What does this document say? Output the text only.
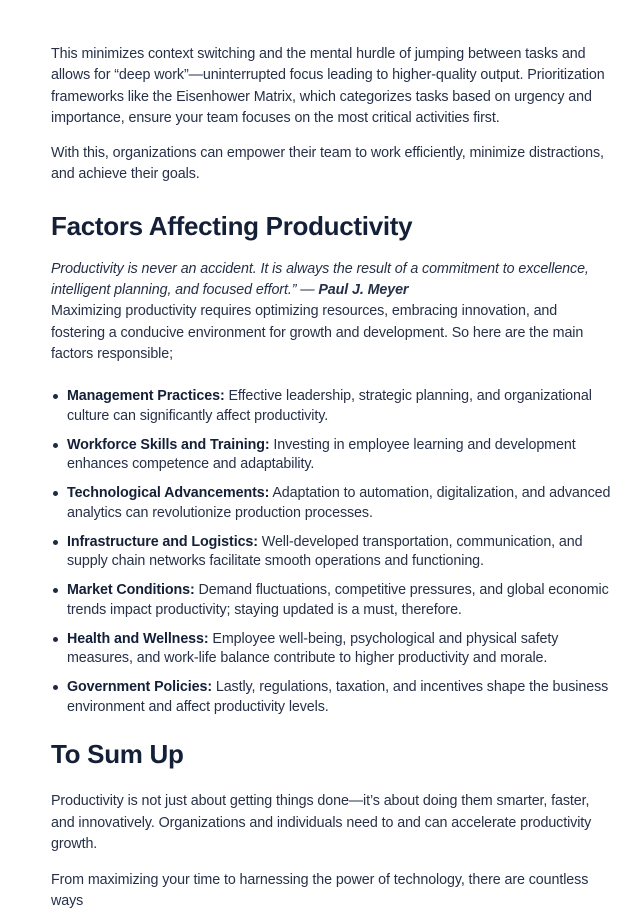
This minimizes context switching and the mental hurdle of jumping between tasks and allows for “deep work”—uninterrupted focus leading to higher-quality output. Prioritization frameworks like the Eisenhower Matrix, which categorizes tasks based on urgency and importance, ensure your team focuses on the most critical activities first.

With this, organizations can empower their team to work efficiently, minimize distractions, and achieve their goals.

Factors Affecting Productivity

Productivity is never an accident. It is always the result of a commitment to excellence, intelligent planning, and focused effort.” — Paul J. Meyer

Maximizing productivity requires optimizing resources, embracing innovation, and fostering a conducive environment for growth and development. So here are the main factors responsible;

Management Practices: Effective leadership, strategic planning, and organizational culture can significantly affect productivity.
Workforce Skills and Training: Investing in employee learning and development enhances competence and adaptability.
Technological Advancements: Adaptation to automation, digitalization, and advanced analytics can revolutionize production processes.
Infrastructure and Logistics: Well-developed transportation, communication, and supply chain networks facilitate smooth operations and functioning.
Market Conditions: Demand fluctuations, competitive pressures, and global economic trends impact productivity; staying updated is a must, therefore.
Health and Wellness: Employee well-being, psychological and physical safety measures, and work-life balance contribute to higher productivity and morale.
Government Policies: Lastly, regulations, taxation, and incentives shape the business environment and affect productivity levels.
To Sum Up

Productivity is not just about getting things done—it’s about doing them smarter, faster, and innovatively. Organizations and individuals need to and can accelerate productivity growth.

From maximizing your time to harnessing the power of technology, there are countless ways
